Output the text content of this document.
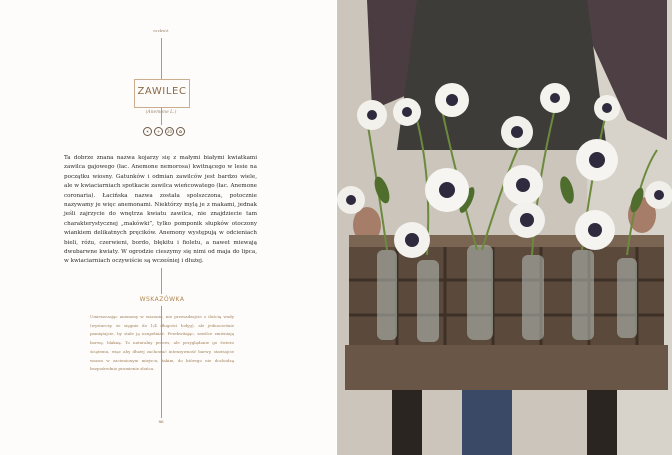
rozkwit
ZAWILEC
(Anemone L.)
☀	+	20	✿
Ta dobrze znana nazwa kojarzy się z małymi białymi kwiatkami zawilca gajowego (łac. Anemone nemorosa) kwitnącego w lesie na początku wiosny. Gatunków i odmian zawilców jest bardzo wiele, ale w kwiaciarniach spotkacie zawilca wieńcowatego (łac. Anemone coronaria). Łacińska nazwa została spolszczona, potocznie nazywamy je więc anemonami. Niektórzy mylą je z makami, jednak jeśli zajrzycie do wnętrza kwiatu zawilca, nie znajdziecie tam charakterystycznej „makówki”, tylko pomponik słupków otoczony wiankiem delikatnych pręcików. Anemony występują w odcieniach bieli, różu, czerwieni, bordo, błękitu i fioletu, a nawet miewają dwubarwne kwiaty. W ogrodzie cieszymy się nimi od maja do lipca, w kwiaciarniach oczywiście są wcześniej i dłużej.
WSKAZÓWKA
Umieszczając anemony w wazonie, nie przesadzajcie z ilością wody (wystarczy, że sięgnie do 1/4 długości łodyg), ale jednocześnie pamiętajcie, by stale ją uzupełniać. Przekwitając, zawilce zmieniają barwę, blakną. To naturalny proces, ale przyglądanie go świeżo ściętemu, więc aby dłużej zachować intensywność barwy, stawiajcie wazon w zacienionym miejscu, takim, do którego nie dochodzą bezpośrednio promienie słońca.
86
